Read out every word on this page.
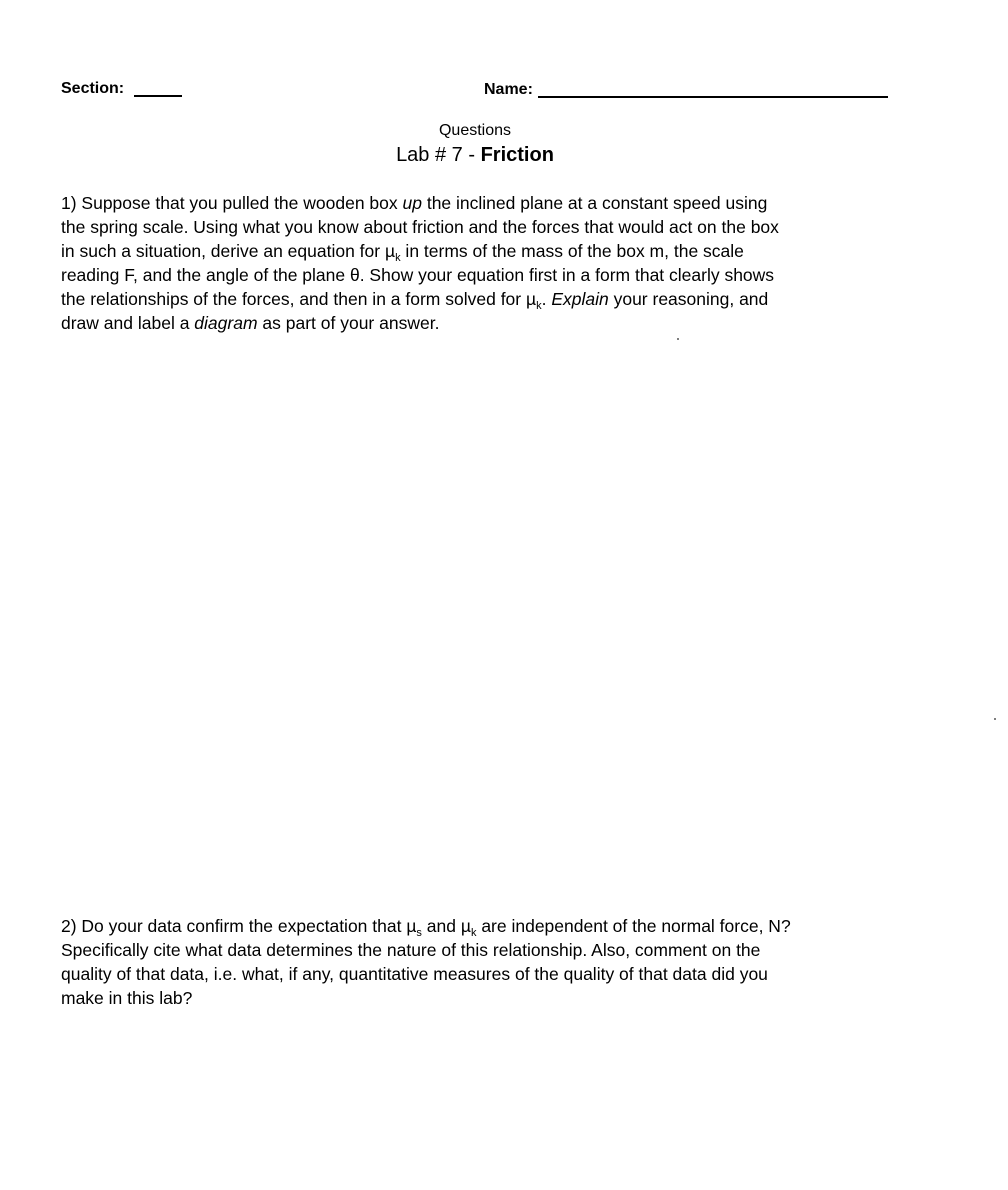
Section:	Name:
Questions
Lab # 7 - Friction
1) Suppose that you pulled the wooden box up the inclined plane at a constant speed using
the spring scale. Using what you know about friction and the forces that would act on the box
in such a situation, derive an equation for µ$_k$ in terms of the mass of the box m, the scale
reading F, and the angle of the plane θ. Show your equation first in a form that clearly shows
the relationships of the forces, and then in a form solved for µ$_k$. Explain your reasoning, and
draw and label a diagram as part of your answer.
2) Do your data confirm the expectation that µ$_s$ and µ$_k$ are independent of the normal force, N?
Specifically cite what data determines the nature of this relationship. Also, comment on the
quality of that data, i.e. what, if any, quantitative measures of the quality of that data did you
make in this lab?
